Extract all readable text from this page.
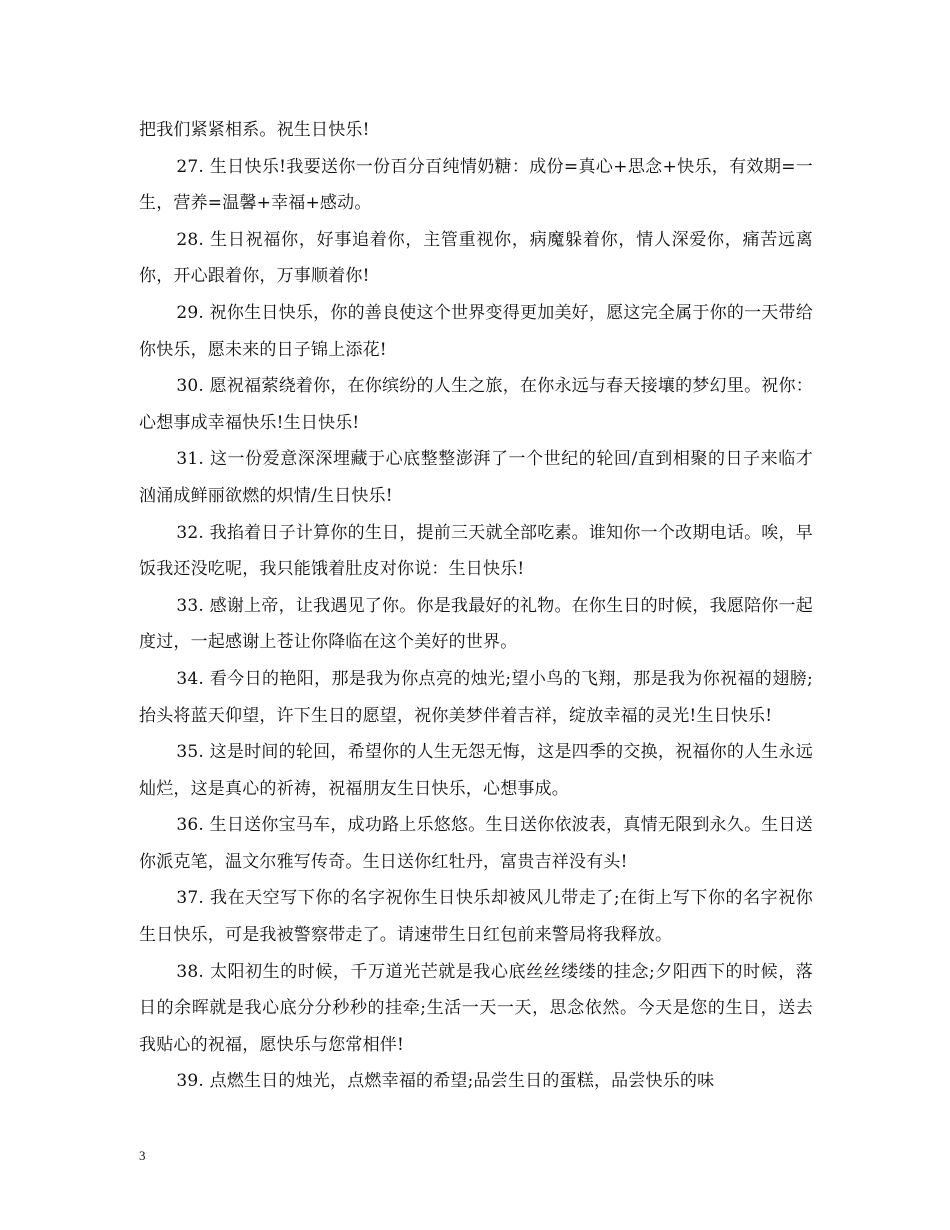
把我们紧紧相系。祝生日快乐!

27. 生日快乐!我要送你一份百分百纯情奶糖：成份=真心+思念+快乐，有效期=一生，营养=温馨+幸福+感动。

28. 生日祝福你，好事追着你，主管重视你，病魔躲着你，情人深爱你，痛苦远离你，开心跟着你，万事顺着你!

29. 祝你生日快乐，你的善良使这个世界变得更加美好，愿这完全属于你的一天带给你快乐，愿未来的日子锦上添花!

30. 愿祝福萦绕着你，在你缤纷的人生之旅，在你永远与春天接壤的梦幻里。祝你：心想事成幸福快乐!生日快乐!

31. 这一份爱意深深埋藏于心底整整澎湃了一个世纪的轮回/直到相聚的日子来临才汹涌成鲜丽欲燃的炽情/生日快乐!

32. 我掐着日子计算你的生日，提前三天就全部吃素。谁知你一个改期电话。唉，早饭我还没吃呢，我只能饿着肚皮对你说：生日快乐!

33. 感谢上帝，让我遇见了你。你是我最好的礼物。在你生日的时候，我愿陪你一起度过，一起感谢上苍让你降临在这个美好的世界。

34. 看今日的艳阳，那是我为你点亮的烛光;望小鸟的飞翔，那是我为你祝福的翅膀;抬头将蓝天仰望，许下生日的愿望，祝你美梦伴着吉祥，绽放幸福的灵光!生日快乐!

35. 这是时间的轮回，希望你的人生无怨无悔，这是四季的交换，祝福你的人生永远灿烂，这是真心的祈祷，祝福朋友生日快乐，心想事成。

36. 生日送你宝马车，成功路上乐悠悠。生日送你依波表，真情无限到永久。生日送你派克笔，温文尔雅写传奇。生日送你红牡丹，富贵吉祥没有头!

37. 我在天空写下你的名字祝你生日快乐却被风儿带走了;在街上写下你的名字祝你生日快乐，可是我被警察带走了。请速带生日红包前来警局将我释放。

38. 太阳初生的时候，千万道光芒就是我心底丝丝缕缕的挂念;夕阳西下的时候，落日的余晖就是我心底分分秒秒的挂牵;生活一天一天，思念依然。今天是您的生日，送去我贴心的祝福，愿快乐与您常相伴!

39. 点燃生日的烛光，点燃幸福的希望;品尝生日的蛋糕，品尝快乐的味

3
